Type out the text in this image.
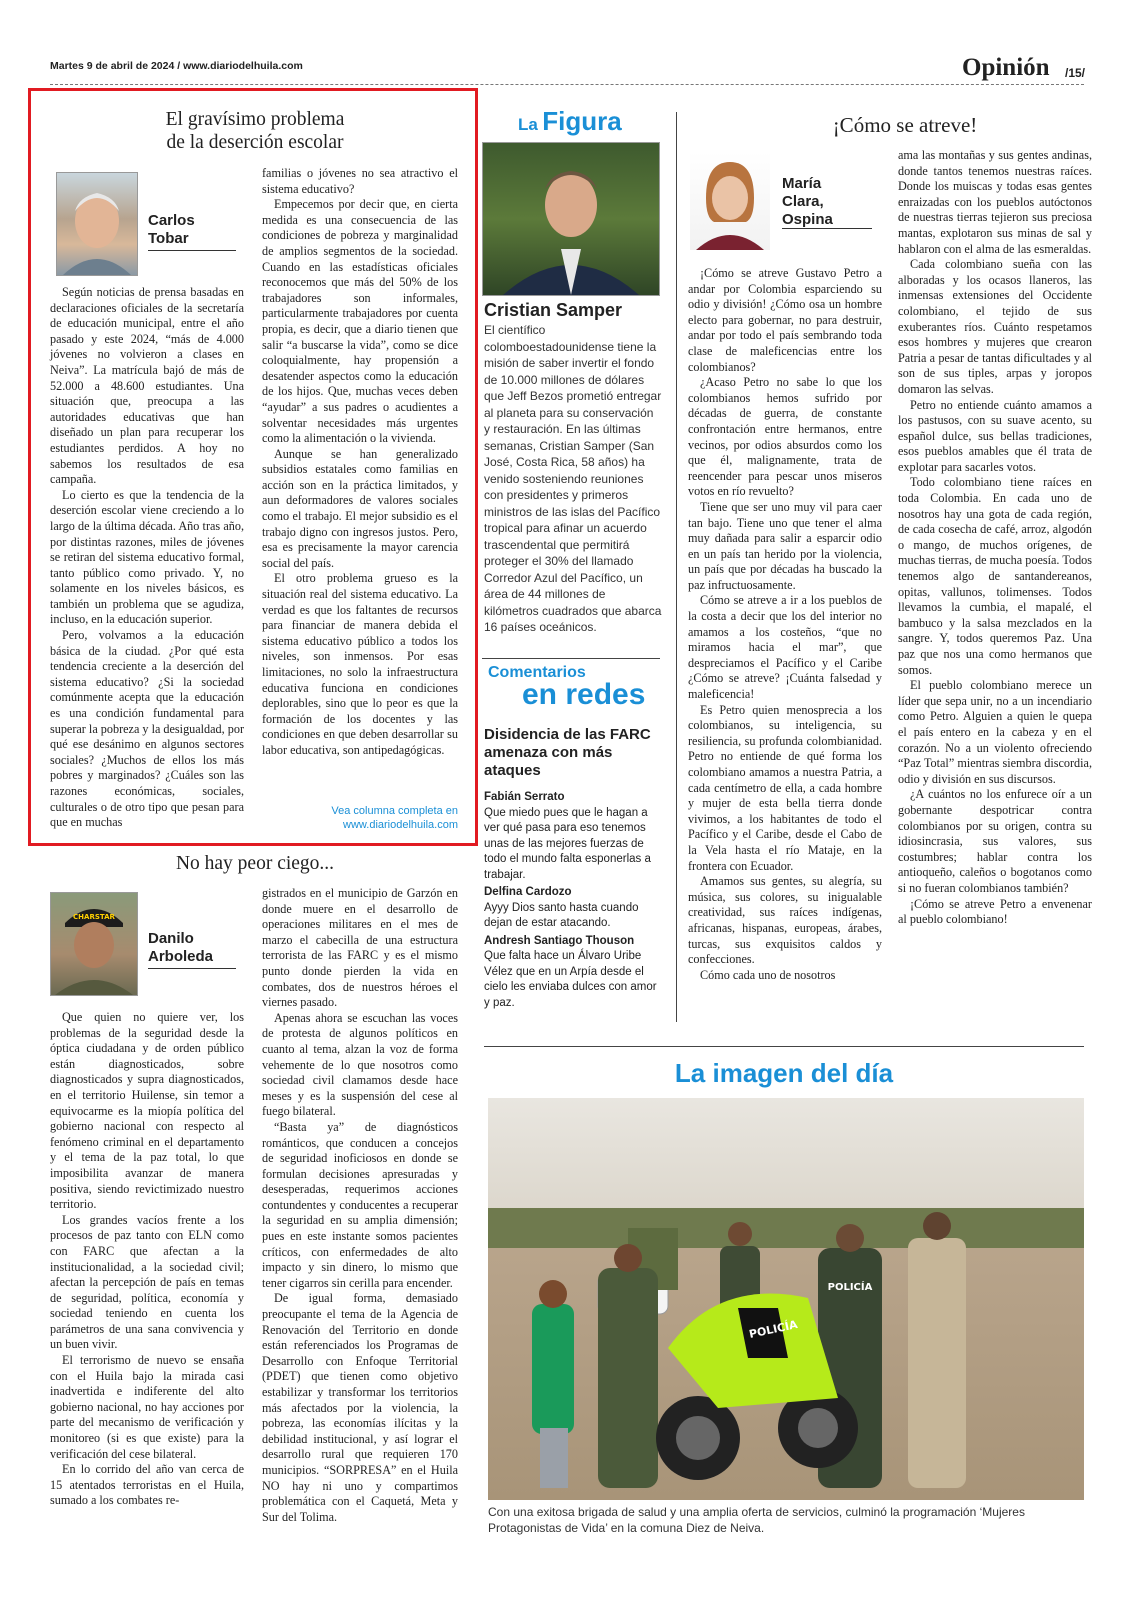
Martes 9 de abril de 2024 / www.diariodelhuila.com	Opinión /15/
El gravísimo problema
de la deserción escolar
Carlos
Tobar

Según noticias de prensa basadas en declaraciones oficiales de la secretaría de educación municipal, entre el año pasado y este 2024, “más de 4.000 jóvenes no volvieron a clases en Neiva”. La matrícula bajó de más de 52.000 a 48.600 estudiantes. Una situación que, preocupa a las autoridades educativas que han diseñado un plan para recuperar los estudiantes perdidos. A hoy no sabemos los resultados de esa campaña.

Lo cierto es que la tendencia de la deserción escolar viene creciendo a lo largo de la última década. Año tras año, por distintas razones, miles de jóvenes se retiran del sistema educativo formal, tanto público como privado. Y, no solamente en los niveles básicos, es también un problema que se agudiza, incluso, en la educación superior.

Pero, volvamos a la educación básica de la ciudad. ¿Por qué esta tendencia creciente a la deserción del sistema educativo? ¿Si la sociedad comúnmente acepta que la educación es una condición fundamental para superar la pobreza y la desigualdad, por qué ese desánimo en algunos sectores sociales? ¿Muchos de ellos los más pobres y marginados? ¿Cuáles son las razones económicas, sociales, culturales o de otro tipo que pesan para que en muchas

familias o jóvenes no sea atractivo el sistema educativo?

Empecemos por decir que, en cierta medida es una consecuencia de las condiciones de pobreza y marginalidad de amplios segmentos de la sociedad. Cuando en las estadísticas oficiales reconocemos que más del 50% de los trabajadores son informales, particularmente trabajadores por cuenta propia, es decir, que a diario tienen que salir “a buscarse la vida”, como se dice coloquialmente, hay propensión a desatender aspectos como la educación de los hijos. Que, muchas veces deben “ayudar” a sus padres o acudientes a solventar necesidades más urgentes como la alimentación o la vivienda.

Aunque se han generalizado subsidios estatales como familias en acción son en la práctica limitados, y aun deformadores de valores sociales como el trabajo. El mejor subsidio es el trabajo digno con ingresos justos. Pero, esa es precisamente la mayor carencia social del país.

El otro problema grueso es la situación real del sistema educativo. La verdad es que los faltantes de recursos para financiar de manera debida el sistema educativo público a todos los niveles, son inmensos. Por esas limitaciones, no solo la infraestructura educativa funciona en condiciones deplorables, sino que lo peor es que la formación de los docentes y las condiciones en que deben desarrollar su labor educativa, son antipedagógicas.

Vea columna completa en
www.diariodelhuila.com
No hay peor ciego...
CHARSTAR
Danilo
Arboleda

Que quien no quiere ver, los problemas de la seguridad desde la óptica ciudadana y de orden público están diagnosticados, sobre diagnosticados y supra diagnosticados, en el territorio Huilense, sin temor a equivocarme es la miopía política del gobierno nacional con respecto al fenómeno criminal en el departamento y el tema de la paz total, lo que imposibilita avanzar de manera positiva, siendo revictimizado nuestro territorio.

Los grandes vacíos frente a los procesos de paz tanto con ELN como con FARC que afectan a la institucionalidad, a la sociedad civil; afectan la percepción de país en temas de seguridad, política, economía y sociedad teniendo en cuenta los parámetros de una sana convivencia y un buen vivir.

El terrorismo de nuevo se ensaña con el Huila bajo la mirada casi inadvertida e indiferente del alto gobierno nacional, no hay acciones por parte del mecanismo de verificación y monitoreo (si es que existe) para la verificación del cese bilateral.

En lo corrido del año van cerca de 15 atentados terroristas en el Huila, sumado a los combates re-

gistrados en el municipio de Garzón en donde muere en el desarrollo de operaciones militares en el mes de marzo el cabecilla de una estructura terrorista de las FARC y es el mismo punto donde pierden la vida en combates, dos de nuestros héroes el viernes pasado.

Apenas ahora se escuchan las voces de protesta de algunos políticos en cuanto al tema, alzan la voz de forma vehemente de lo que nosotros como sociedad civil clamamos desde hace meses y es la suspensión del cese al fuego bilateral.

“Basta ya” de diagnósticos románticos, que conducen a concejos de seguridad inoficiosos en donde se formulan decisiones apresuradas y desesperadas, requerimos acciones contundentes y conducentes a recuperar la seguridad en su amplia dimensión; pues en este instante somos pacientes críticos, con enfermedades de alto impacto y sin dinero, lo mismo que tener cigarros sin cerilla para encender.

De igual forma, demasiado preocupante el tema de la Agencia de Renovación del Territorio en donde están referenciados los Programas de Desarrollo con Enfoque Territorial (PDET) que tienen como objetivo estabilizar y transformar los territorios más afectados por la violencia, la pobreza, las economías ilícitas y la debilidad institucional, y así lograr el desarrollo rural que requieren 170 municipios. “SORPRESA” en el Huila NO hay ni uno y compartimos problemática con el Caquetá, Meta y Sur del Tolima.

La Figura
Cristian Samper
El científico colomboestadounidense tiene la misión de saber invertir el fondo de 10.000 millones de dólares que Jeff Bezos prometió entregar al planeta para su conservación y restauración. En las últimas semanas, Cristian Samper (San José, Costa Rica, 58 años) ha venido sosteniendo reuniones con presidentes y primeros ministros de las islas del Pacífico tropical para afinar un acuerdo trascendental que permitirá proteger el 30% del llamado Corredor Azul del Pacífico, un área de 44 millones de kilómetros cuadrados que abarca 16 países oceánicos.
Comentarios
en redes
Disidencia de las FARC amenaza con más ataques
Fabián Serrato
Que miedo pues que le hagan a ver qué pasa para eso tenemos unas de las mejores fuerzas de todo el mundo falta esponerlas a trabajar.
Delfina Cardozo
Ayyy Dios santo hasta cuando dejan de estar atacando.
Andresh Santiago Thouson
Que falta hace un Álvaro Uribe Vélez que en un Arpía desde el cielo les enviaba dulces con amor y paz.
¡Cómo se atreve!
María
Clara,
Ospina

¡Cómo se atreve Gustavo Petro a andar por Colombia esparciendo su odio y división! ¿Cómo osa un hombre electo para gobernar, no para destruir, andar por todo el país sembrando toda clase de maleficencias entre los colombianos?

¿Acaso Petro no sabe lo que los colombianos hemos sufrido por décadas de guerra, de constante confrontación entre hermanos, entre vecinos, por odios absurdos como los que él, malignamente, trata de reencender para pescar unos miseros votos en río revuelto?

Tiene que ser uno muy vil para caer tan bajo. Tiene uno que tener el alma muy dañada para salir a esparcir odio en un país tan herido por la violencia, un país que por décadas ha buscado la paz infructuosamente.

Cómo se atreve a ir a los pueblos de la costa a decir que los del interior no amamos a los costeños, “que no miramos hacia el mar”, que despreciamos el Pacífico y el Caribe ¿Cómo se atreve? ¡Cuánta falsedad y maleficencia!

Es Petro quien menosprecia a los colombianos, su inteligencia, su resiliencia, su profunda colombianidad. Petro no entiende de qué forma los colombiano amamos a nuestra Patria, a cada centímetro de ella, a cada hombre y mujer de esta bella tierra donde vivimos, a los habitantes de todo el Pacífico y el Caribe, desde el Cabo de la Vela hasta el río Mataje, en la frontera con Ecuador.

Amamos sus gentes, su alegría, su música, sus colores, su inigualable creatividad, sus raíces indígenas, africanas, hispanas, europeas, árabes, turcas, sus exquisitos caldos y confecciones.

Cómo cada uno de nosotros

ama las montañas y sus gentes andinas, donde tantos tenemos nuestras raíces. Donde los muiscas y todas esas gentes enraizadas con los pueblos autóctonos de nuestras tierras tejieron sus preciosa mantas, explotaron sus minas de sal y hablaron con el alma de las esmeraldas.

Cada colombiano sueña con las alboradas y los ocasos llaneros, las inmensas extensiones del Occidente colombiano, el tejido de sus exuberantes ríos. Cuánto respetamos esos hombres y mujeres que crearon Patria a pesar de tantas dificultades y al son de sus tiples, arpas y joropos domaron las selvas.

Petro no entiende cuánto amamos a los pastusos, con su suave acento, su español dulce, sus bellas tradiciones, esos pueblos amables que él trata de explotar para sacarles votos.

Todo colombiano tiene raíces en toda Colombia. En cada uno de nosotros hay una gota de cada región, de cada cosecha de café, arroz, algodón o mango, de muchos orígenes, de muchas tierras, de mucha poesía. Todos tenemos algo de santandereanos, opitas, vallunos, tolimenses. Todos llevamos la cumbia, el mapalé, el bambuco y la salsa mezclados en la sangre. Y, todos queremos Paz. Una paz que nos una como hermanos que somos.

El pueblo colombiano merece un líder que sepa unir, no a un incendiario como Petro. Alguien a quien le quepa el país entero en la cabeza y en el corazón. No a un violento ofreciendo “Paz Total” mientras siembra discordia, odio y división en sus discursos.

¿A cuántos no los enfurece oír a un gobernante despotricar contra colombianos por su origen, contra su idiosincrasia, sus valores, sus costumbres; hablar contra los antioqueño, caleños o bogotanos como si no fueran colombianos también?

¡Cómo se atreve Petro a envenenar al pueblo colombiano!

La imagen del día
POLICÍA
POLICÍA
Con una exitosa brigada de salud y una amplia oferta de servicios, culminó la programación ‘Mujeres
Protagonistas de Vida’ en la comuna Diez de Neiva.
